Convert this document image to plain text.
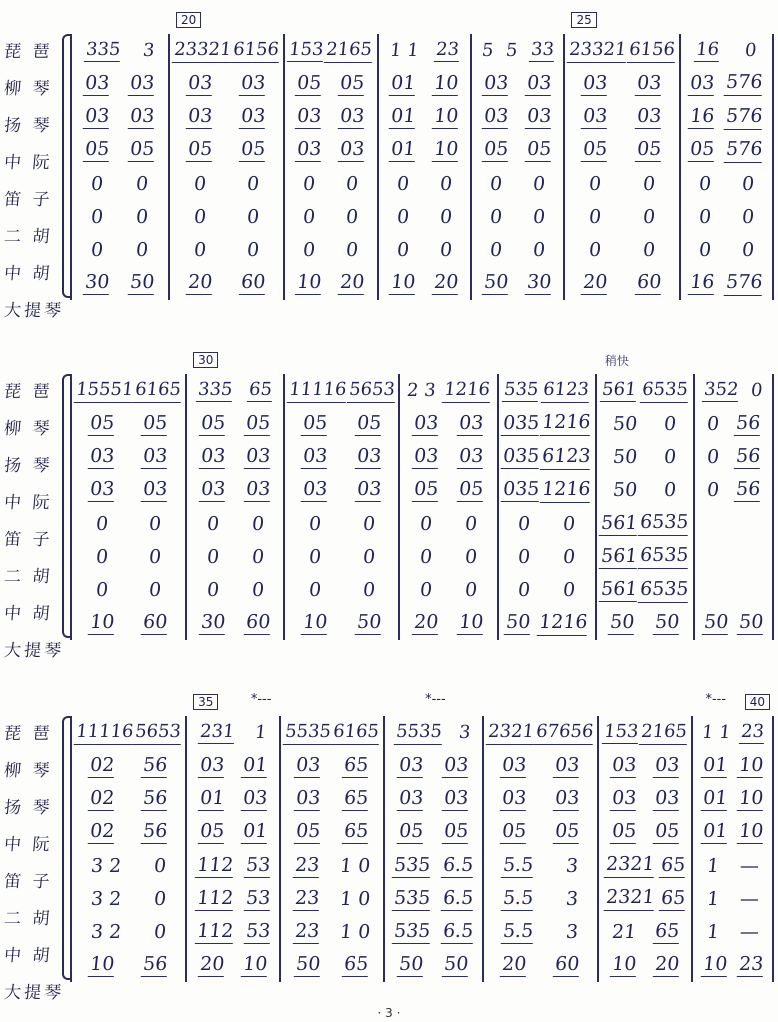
琵 琶
柳 琴
扬 琴
中 阮
笛 子
二 胡
中 胡
大提琴
335 3
03 03
03 03
05 05
0 0
0 0
0 0
30 50
20
23321 6156
03 03
03 03
05 05
0 0
0 0
0 0
20 60
153 2165
05 05
03 03
03 03
0 0
0 0
0 0
10 20
1 1 23
01 10
01 10
01 10
0 0
0 0
0 0
10 20
5 5 33
03 03
03 03
05 05
0 0
0 0
0 0
50 30
25
23321 6156
03 03
03 03
05 05
0 0
0 0
0 0
20 60
16 0
03 576
16 576
05 576
0 0
0 0
0 0
16 576
琵 琶
柳 琴
扬 琴
中 阮
笛 子
二 胡
中 胡
大提琴
15551 6165
05 05
03 03
03 03
0 0
0 0
0 0
10 60
30
335 65
05 05
03 03
03 03
0 0
0 0
0 0
30 60
11116 5653
05 05
03 03
03 03
0 0
0 0
0 0
10 50
2 3 1216
03 03
03 03
05 05
0 0
0 0
0 0
20 10
535 6123
035 1216
035 6123
035 1216
0 0
0 0
0 0
50 1216
稍快
561 6535
50 0
50 0
50 0
561 6535
561 6535
561 6535
50 50
352 0
0 56
0 56
0 56
50 50
琵 琶
柳 琴
扬 琴
中 阮
笛 子
二 胡
中 胡
大提琴
11116 5653
02 56
02 56
02 56
3 2 0
3 2 0
3 2 0
10 56
35	*---
231 1
03 01
01 03
05 01
112 53
112 53
112 53
20 10
5535 6165
03 65
03 65
05 65
23 1 0
23 1 0
23 1 0
50 65
*---
5535 3
03 03
03 03
05 05
535 6.5
535 6.5
535 6.5
50 50
2321 67656
03 03
03 03
05 05
5.5 3
5.5 3
5.5 3
20 60
153 2165
03 03
03 03
05 05
2321 65
2321 65
21 65
10 20
40
*---
1 1 23
01 10
01 10
01 10
1 —
1 —
1 —
10 23
· 3 ·
